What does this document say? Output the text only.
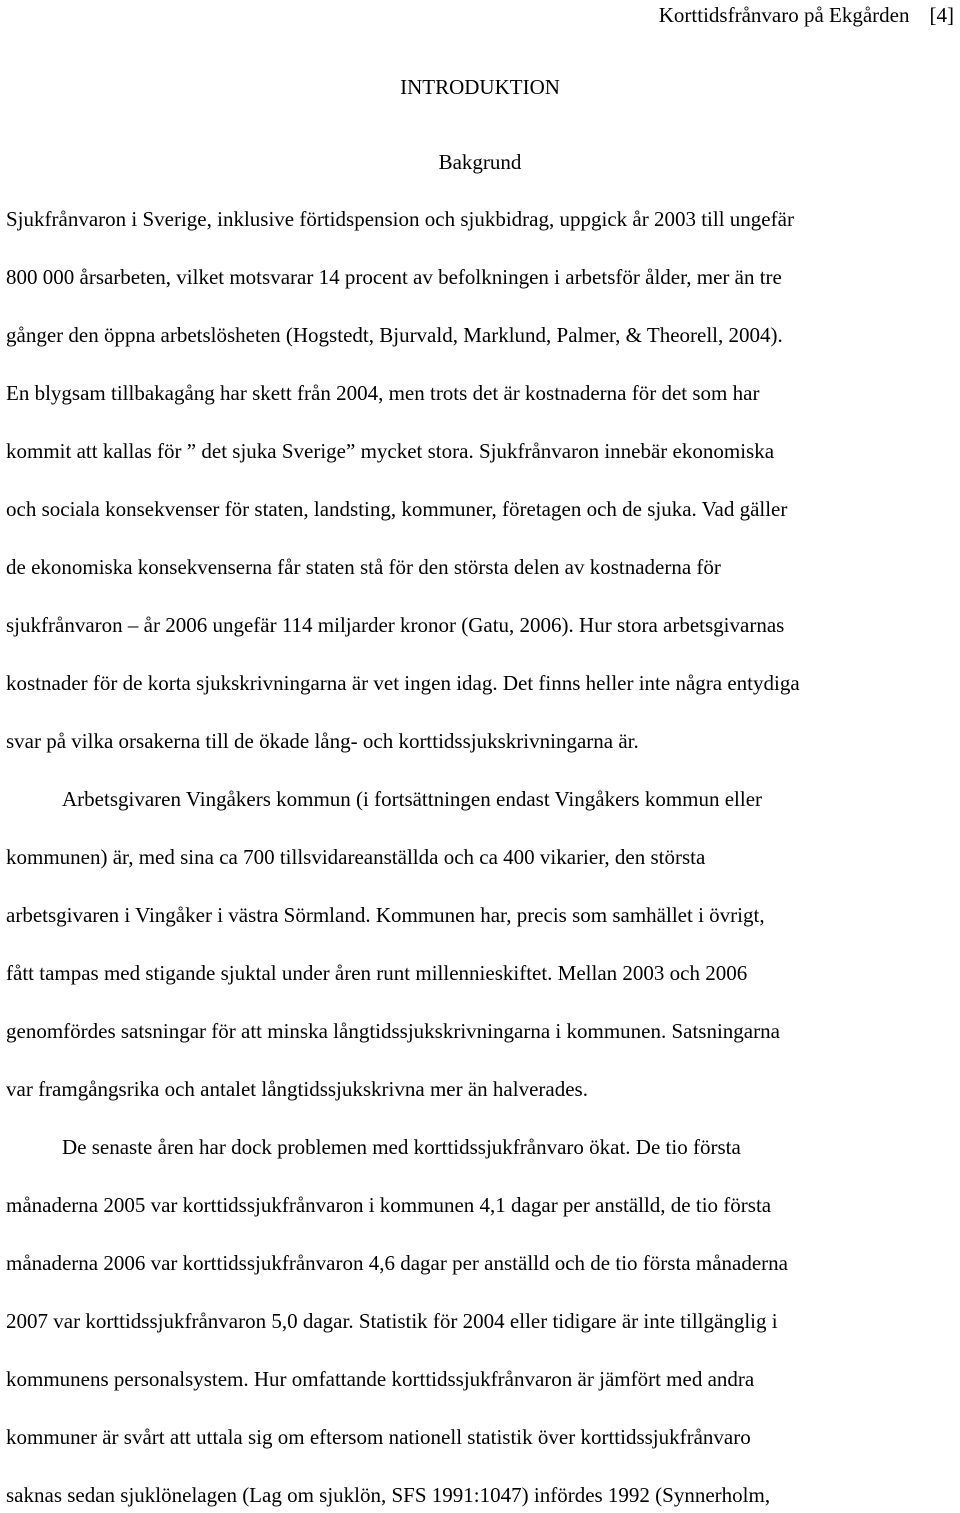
Korttidsfrånvaro på Ekgården [4]
INTRODUKTION
Bakgrund
Sjukfrånvaron i Sverige, inklusive förtidspension och sjukbidrag, uppgick år 2003 till ungefär
800 000 årsarbeten, vilket motsvarar 14 procent av befolkningen i arbetsför ålder, mer än tre
gånger den öppna arbetslösheten (Hogstedt, Bjurvald, Marklund, Palmer, & Theorell, 2004).
En blygsam tillbakagång har skett från 2004, men trots det är kostnaderna för det som har
kommit att kallas för ” det sjuka Sverige” mycket stora. Sjukfrånvaron innebär ekonomiska
och sociala konsekvenser för staten, landsting, kommuner, företagen och de sjuka. Vad gäller
de ekonomiska konsekvenserna får staten stå för den största delen av kostnaderna för
sjukfrånvaron – år 2006 ungefär 114 miljarder kronor (Gatu, 2006). Hur stora arbetsgivarnas
kostnader för de korta sjukskrivningarna är vet ingen idag. Det finns heller inte några entydiga
svar på vilka orsakerna till de ökade lång- och korttidssjukskrivningarna är.
Arbetsgivaren Vingåkers kommun (i fortsättningen endast Vingåkers kommun eller
kommunen) är, med sina ca 700 tillsvidareanställda och ca 400 vikarier, den största
arbetsgivaren i Vingåker i västra Sörmland. Kommunen har, precis som samhället i övrigt,
fått tampas med stigande sjuktal under åren runt millennieskiftet. Mellan 2003 och 2006
genomfördes satsningar för att minska långtidssjukskrivningarna i kommunen. Satsningarna
var framgångsrika och antalet långtidssjukskrivna mer än halverades.
De senaste åren har dock problemen med korttidssjukfrånvaro ökat. De tio första
månaderna 2005 var korttidssjukfrånvaron i kommunen 4,1 dagar per anställd, de tio första
månaderna 2006 var korttidssjukfrånvaron 4,6 dagar per anställd och de tio första månaderna
2007 var korttidssjukfrånvaron 5,0 dagar. Statistik för 2004 eller tidigare är inte tillgänglig i
kommunens personalsystem. Hur omfattande korttidssjukfrånvaron är jämfört med andra
kommuner är svårt att uttala sig om eftersom nationell statistik över korttidssjukfrånvaro
saknas sedan sjuklönelagen (Lag om sjuklön, SFS 1991:1047) infördes 1992 (Synnerholm,
